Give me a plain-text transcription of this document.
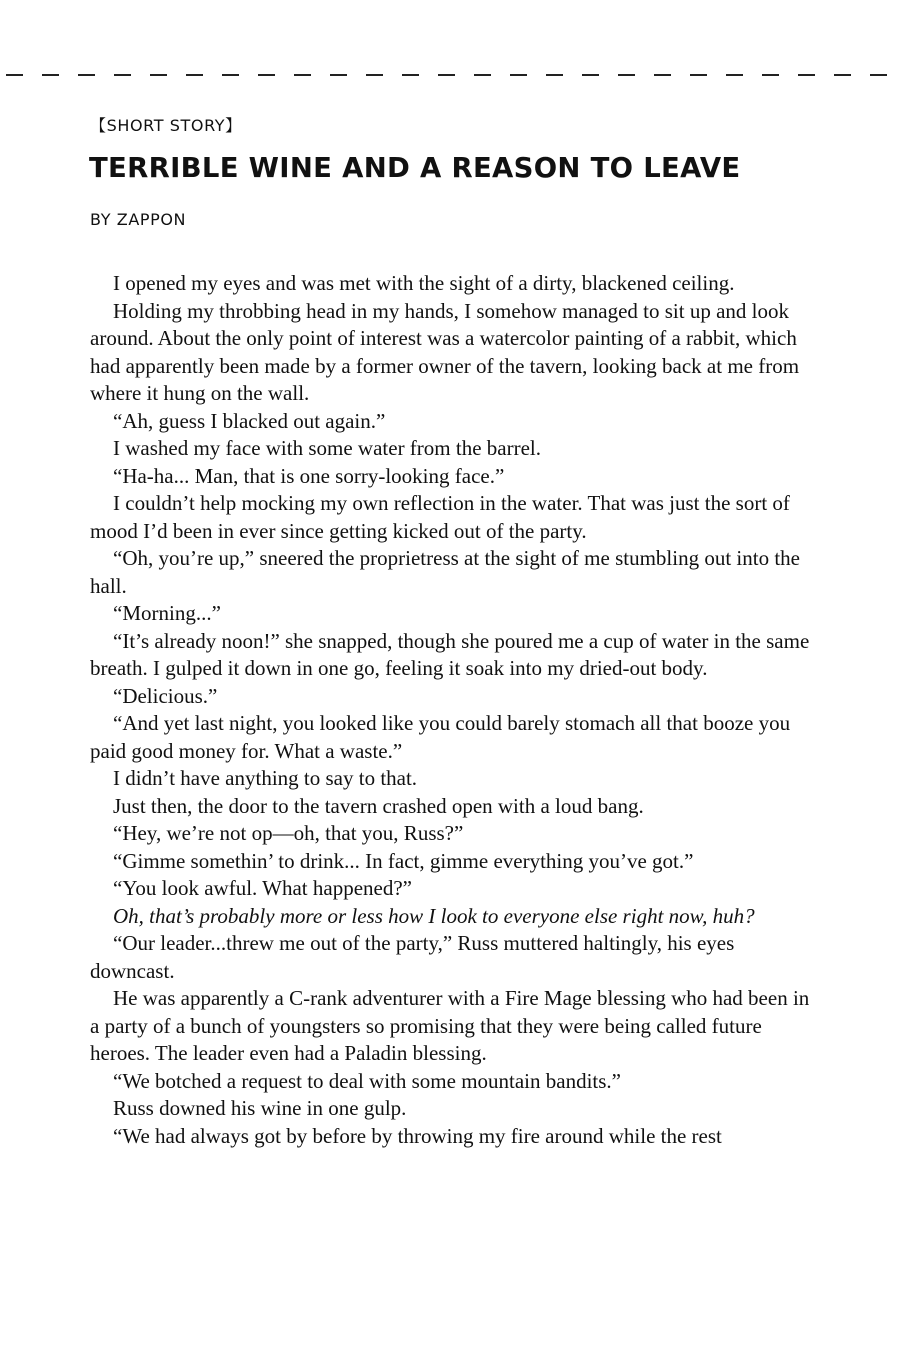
【SHORT STORY】
TERRIBLE WINE AND A REASON TO LEAVE
BY ZAPPON

I opened my eyes and was met with the sight of a dirty, blackened ceiling.

Holding my throbbing head in my hands, I somehow managed to sit up and look around. About the only point of interest was a watercolor painting of a rabbit, which had apparently been made by a former owner of the tavern, looking back at me from where it hung on the wall.

“Ah, guess I blacked out again.”

I washed my face with some water from the barrel.

“Ha-ha... Man, that is one sorry-looking face.”

I couldn’t help mocking my own reflection in the water. That was just the sort of mood I’d been in ever since getting kicked out of the party.

“Oh, you’re up,” sneered the proprietress at the sight of me stumbling out into the hall.

“Morning...”

“It’s already noon!” she snapped, though she poured me a cup of water in the same breath. I gulped it down in one go, feeling it soak into my dried-out body.

“Delicious.”

“And yet last night, you looked like you could barely stomach all that booze you paid good money for. What a waste.”

I didn’t have anything to say to that.

Just then, the door to the tavern crashed open with a loud bang.

“Hey, we’re not op—oh, that you, Russ?”

“Gimme somethin’ to drink... In fact, gimme everything you’ve got.”

“You look awful. What happened?”

Oh, that’s probably more or less how I look to everyone else right now, huh?

“Our leader...threw me out of the party,” Russ muttered haltingly, his eyes downcast.

He was apparently a C-rank adventurer with a Fire Mage blessing who had been in a party of a bunch of youngsters so promising that they were being called future heroes. The leader even had a Paladin blessing.

“We botched a request to deal with some mountain bandits.”

Russ downed his wine in one gulp.

“We had always got by before by throwing my fire around while the rest
